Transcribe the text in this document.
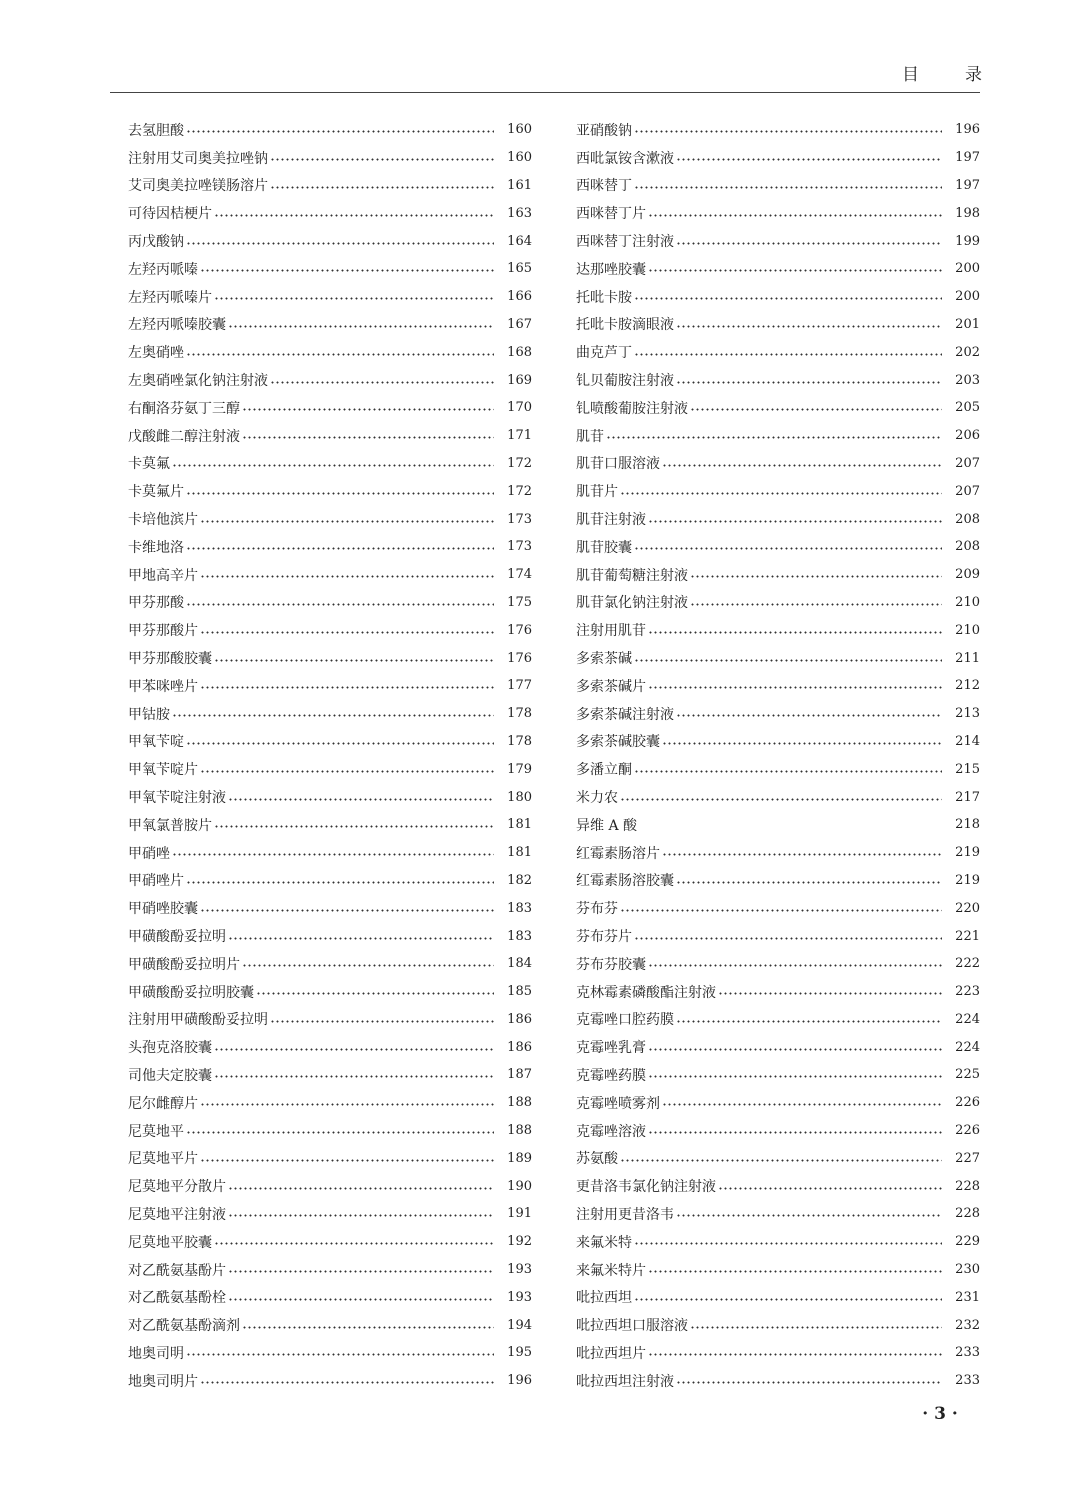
目	录
去氢胆酸	160
注射用艾司奥美拉唑钠	160
艾司奥美拉唑镁肠溶片	161
可待因桔梗片	163
丙戊酸钠	164
左羟丙哌嗪	165
左羟丙哌嗪片	166
左羟丙哌嗪胶囊	167
左奥硝唑	168
左奥硝唑氯化钠注射液	169
右酮洛芬氨丁三醇	170
戊酸雌二醇注射液	171
卡莫氟	172
卡莫氟片	172
卡培他滨片	173
卡维地洛	173
甲地高辛片	174
甲芬那酸	175
甲芬那酸片	176
甲芬那酸胶囊	176
甲苯咪唑片	177
甲钴胺	178
甲氧苄啶	178
甲氧苄啶片	179
甲氧苄啶注射液	180
甲氧氯普胺片	181
甲硝唑	181
甲硝唑片	182
甲硝唑胶囊	183
甲磺酸酚妥拉明	183
甲磺酸酚妥拉明片	184
甲磺酸酚妥拉明胶囊	185
注射用甲磺酸酚妥拉明	186
头孢克洛胶囊	186
司他夫定胶囊	187
尼尔雌醇片	188
尼莫地平	188
尼莫地平片	189
尼莫地平分散片	190
尼莫地平注射液	191
尼莫地平胶囊	192
对乙酰氨基酚片	193
对乙酰氨基酚栓	193
对乙酰氨基酚滴剂	194
地奥司明	195
地奥司明片	196
亚硝酸钠	196
西吡氯铵含漱液	197
西咪替丁	197
西咪替丁片	198
西咪替丁注射液	199
达那唑胶囊	200
托吡卡胺	200
托吡卡胺滴眼液	201
曲克芦丁	202
钆贝葡胺注射液	203
钆喷酸葡胺注射液	205
肌苷	206
肌苷口服溶液	207
肌苷片	207
肌苷注射液	208
肌苷胶囊	208
肌苷葡萄糖注射液	209
肌苷氯化钠注射液	210
注射用肌苷	210
多索茶碱	211
多索茶碱片	212
多索茶碱注射液	213
多索茶碱胶囊	214
多潘立酮	215
米力农	217
异维 A 酸	218
红霉素肠溶片	219
红霉素肠溶胶囊	219
芬布芬	220
芬布芬片	221
芬布芬胶囊	222
克林霉素磷酸酯注射液	223
克霉唑口腔药膜	224
克霉唑乳膏	224
克霉唑药膜	225
克霉唑喷雾剂	226
克霉唑溶液	226
苏氨酸	227
更昔洛韦氯化钠注射液	228
注射用更昔洛韦	228
来氟米特	229
来氟米特片	230
吡拉西坦	231
吡拉西坦口服溶液	232
吡拉西坦片	233
吡拉西坦注射液	233
· 3 ·
